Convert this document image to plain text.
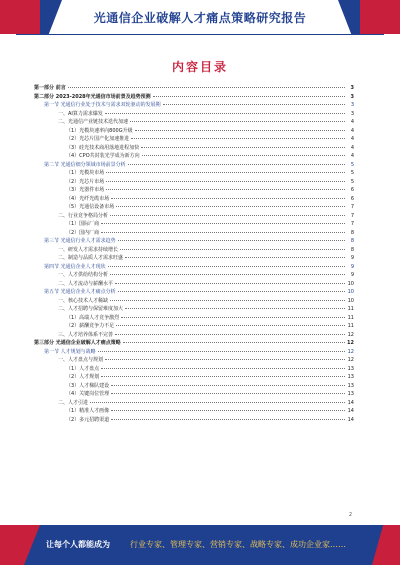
光通信企业破解人才痛点策略研究报告
内容目录
第一部分 前言	3
第二部分 2023-2028年光通信市场前景及趋势预测	3
第一节 光通信行业处于技术与需求双轮驱动的发展期	3
一、AI算力需求爆发	3
二、光通信产业链技术迭代加速	4
（1）光模块速率向800G升级	4
（2）光芯片国产化加速推进	4
（3）硅光技术商用落地进程加快	4
（4）CPO共封装光学成为新方向	4
第二节 光通信细分领域市场前景分析	5
（1）光模块市场	5
（2）光芯片市场	5
（3）光器件市场	6
（4）光纤光缆市场	6
（5）光通信设备市场	7
二、行业竞争格局分析	7
（1）国际厂商	7
（2）国内厂商	8
第三节 光通信行业人才需求趋势	8
一、研发人才需求持续增长	8
二、制造与品质人才需求旺盛	9
第四节 光通信企业人才现状	9
一、人才供给结构分析	9
二、人才流动与薪酬水平	10
第五节 光通信企业人才痛点分析	10
一、核心技术人才稀缺	10
二、人才招聘与保留难度加大	11
（1）高端人才竞争激烈	11
（2）薪酬竞争力不足	11
三、人才培养体系不完善	12
第三部分 光通信企业破解人才痛点策略	12
第一节 人才规划与战略	12
一、人才盘点与规划	12
（1）人才盘点	13
（2）人才规划	13
（3）人才梯队建设	13
（4）关键岗位管理	13
二、人才引进	14
（1）精准人才画像	14
（2）多元招聘渠道	14
2
让每个人都能成为	行业专家、管理专家、营销专家、战略专家、成功企业家……
